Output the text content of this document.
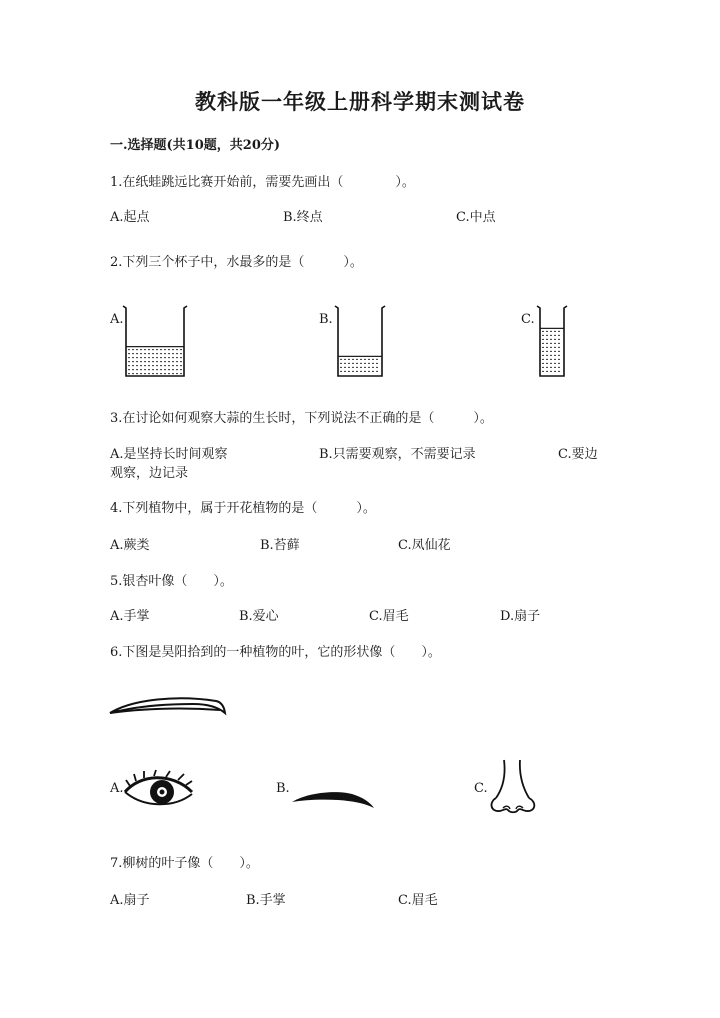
教科版一年级上册科学期末测试卷
一.选择题(共10题，共20分)
1.在纸蛙跳远比赛开始前，需要先画出（　　　　）。
A.起点	B.终点	C.中点
2.下列三个杯子中，水最多的是（　　　）。
A.	B.	C.
3.在讨论如何观察大蒜的生长时，下列说法不正确的是（　　　）。
A.是坚持长时间观察	B.只需要观察，不需要记录	C.要边
观察，边记录
4.下列植物中，属于开花植物的是（　　　）。
A.蕨类	B.苔藓	C.凤仙花
5.银杏叶像（　　）。
A.手掌	B.爱心	C.眉毛	D.扇子
6.下图是昊阳拾到的一种植物的叶，它的形状像（　　）。
A.	B.	C.
7.柳树的叶子像（　　）。
A.扇子	B.手掌	C.眉毛
